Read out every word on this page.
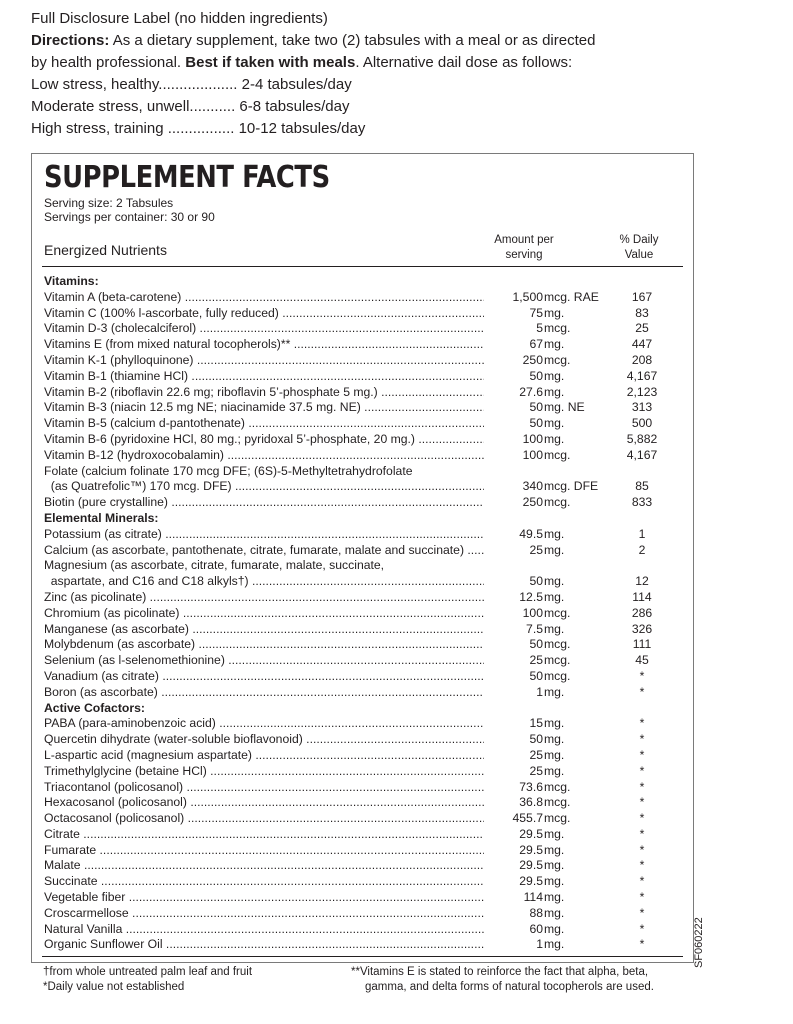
Full Disclosure Label (no hidden ingredients)
Directions: As a dietary supplement, take two (2) tabsules with a meal or as directed
by health professional. Best if taken with meals. Alternative dail dose as follows:
Low stress, healthy................... 2-4 tabsules/day
Moderate stress, unwell........... 6-8 tabsules/day
High stress, training ................ 10-12 tabsules/day
SUPPLEMENT FACTS
Serving size: 2 Tabsules
Servings per container: 30 or 90
Energized Nutrients
Amount per
serving
% Daily
Value
Vitamins:
Vitamin A (beta-carotene) .....	1,500 mcg. RAE	167
Vitamin C (100% l-ascorbate, fully reduced) .....	75 mg.	83
Vitamin D-3 (cholecalciferol) .....	5 mcg.	25
Vitamins E (from mixed natural tocopherols)** .....	67 mg.	447
Vitamin K-1 (phylloquinone) .....	250 mcg.	208
Vitamin B-1 (thiamine HCl) .....	50 mg.	4,167
Vitamin B-2 (riboflavin 22.6 mg; riboflavin 5’-phosphate 5 mg.) .....	27.6 mg.	2,123
Vitamin B-3 (niacin 12.5 mg NE; niacinamide 37.5 mg. NE) .....	50 mg. NE	313
Vitamin B-5 (calcium d-pantothenate) .....	50 mg.	500
Vitamin B-6 (pyridoxine HCl, 80 mg.; pyridoxal 5’-phosphate, 20 mg.) .....	100 mg.	5,882
Vitamin B-12 (hydroxocobalamin) .....	100 mcg.	4,167
Folate (calcium folinate 170 mcg DFE; (6S)-5-Methyltetrahydrofolate
(as Quatrefolic™) 170 mcg. DFE) .....	340 mcg. DFE	85
Biotin (pure crystalline) .....	250 mcg.	833
Elemental Minerals:
Potassium (as citrate) .....	49.5 mg.	1
Calcium (as ascorbate, pantothenate, citrate, fumarate, malate and succinate) .....	25 mg.	2
Magnesium (as ascorbate, citrate, fumarate, malate, succinate,
aspartate, and C16 and C18 alkyls†) .....	50 mg.	12
Zinc (as picolinate) .....	12.5 mg.	114
Chromium (as picolinate) .....	100 mcg.	286
Manganese (as ascorbate) .....	7.5 mg.	326
Molybdenum (as ascorbate) .....	50 mcg.	111
Selenium (as l-selenomethionine) .....	25 mcg.	45
Vanadium (as citrate) .....	50 mcg.	*
Boron (as ascorbate) .....	1 mg.	*
Active Cofactors:
PABA (para-aminobenzoic acid) .....	15 mg.	*
Quercetin dihydrate (water-soluble bioflavonoid) .....	50 mg.	*
L-aspartic acid (magnesium aspartate) .....	25 mg.	*
Trimethylglycine (betaine HCl) .....	25 mg.	*
Triacontanol (policosanol) .....	73.6 mcg.	*
Hexacosanol (policosanol) .....	36.8 mcg.	*
Octacosanol (policosanol) .....	455.7 mcg.	*
Citrate .....	29.5 mg.	*
Fumarate .....	29.5 mg.	*
Malate .....	29.5 mg.	*
Succinate .....	29.5 mg.	*
Vegetable fiber .....	114 mg.	*
Croscarmellose .....	88 mg.	*
Natural Vanilla .....	60 mg.	*
Organic Sunflower Oil .....	1 mg.	*
†from whole untreated palm leaf and fruit
*Daily value not established
**Vitamins E is stated to reinforce the fact that alpha, beta,
gamma, and delta forms of natural tocopherols are used.
SF060222
